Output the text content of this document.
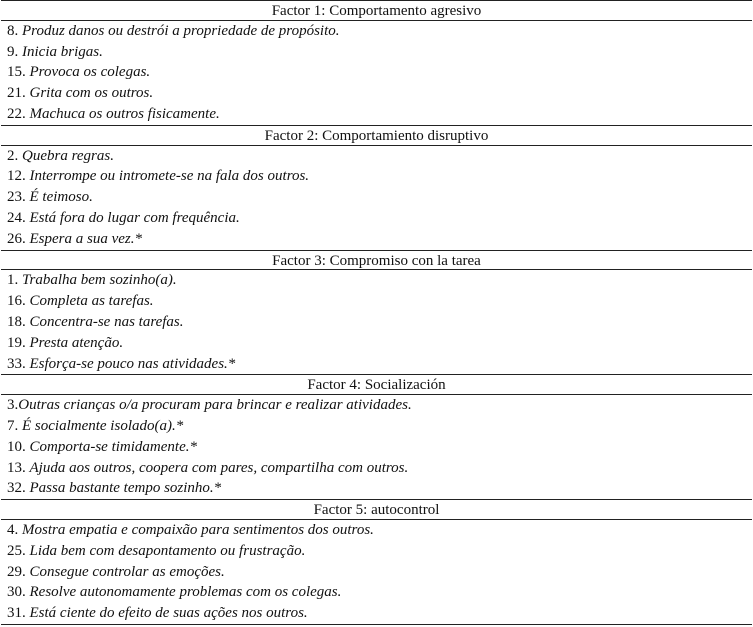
Factor 1: Comportamento agresivo
8. Produz danos ou destrói a propriedade de propósito.
9. Inicia brigas.
15. Provoca os colegas.
21. Grita com os outros.
22. Machuca os outros fisicamente.
Factor 2: Comportamiento disruptivo
2. Quebra regras.
12. Interrompe ou intromete-se na fala dos outros.
23. É teimoso.
24. Está fora do lugar com frequência.
26. Espera a sua vez.*
Factor 3: Compromiso con la tarea
1. Trabalha bem sozinho(a).
16. Completa as tarefas.
18. Concentra-se nas tarefas.
19. Presta atenção.
33. Esforça-se pouco nas atividades.*
Factor 4: Socialización
3.Outras crianças o/a procuram para brincar e realizar atividades.
7. É socialmente isolado(a).*
10. Comporta-se timidamente.*
13. Ajuda aos outros, coopera com pares, compartilha com outros.
32. Passa bastante tempo sozinho.*
Factor 5: autocontrol
4. Mostra empatia e compaixão para sentimentos dos outros.
25. Lida bem com desapontamento ou frustração.
29. Consegue controlar as emoções.
30. Resolve autonomamente problemas com os colegas.
31. Está ciente do efeito de suas ações nos outros.
